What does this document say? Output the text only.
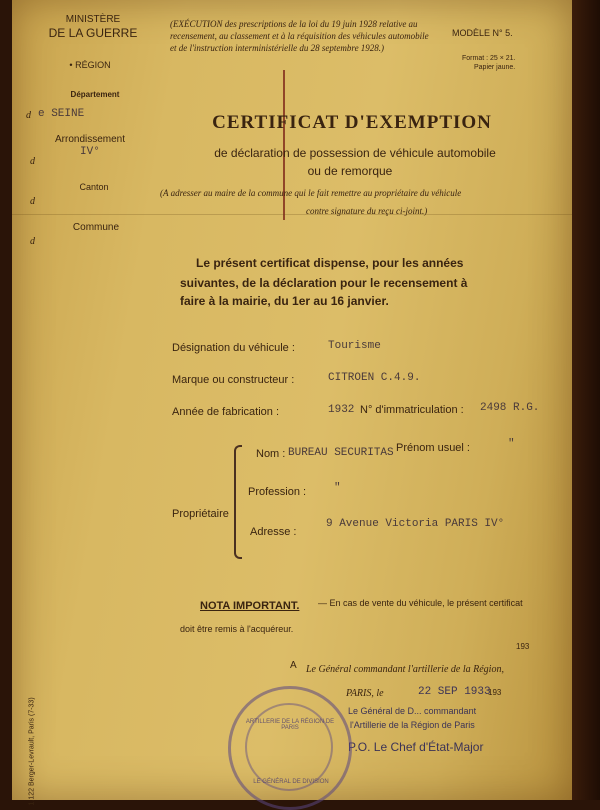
MINISTÈRE
DE LA GUERRE
• RÉGION
Département
d e SEINE
Arrondissement
d
IV°
Canton
d
Commune
d
(EXÉCUTION des prescriptions de la loi du 19 juin 1928 relative au recensement, au classement et à la réquisition des véhicules automobile et de l'instruction interministérielle du 28 septembre 1928.)
MODÈLE N° 5.
Format : 25 × 21.
Papier jaune.
CERTIFICAT D'EXEMPTION
de déclaration de possession de véhicule automobile
ou de remorque
(A adresser au maire de la commune qui le fait remettre au propriétaire du véhicule
contre signature du reçu ci-joint.)
Le présent certificat dispense, pour les années
suivantes, de la déclaration pour le recensement à
faire à la mairie, du 1er au 16 janvier.
Désignation du véhicule :	Tourisme
Marque ou constructeur :	CITROEN C.4.9.
Année de fabrication :	1932 N° d'immatriculation : 2498 R.G.
Propriétaire
Nom : BUREAU SECURITAS Prénom usuel :	"
Profession :	"
Adresse :
9 Avenue Victoria PARIS IV°
NOTA IMPORTANT. — En cas de vente du véhicule, le présent certificat
doit être remis à l'acquéreur.
193
A Le Général commandant l'artillerie de la Région,
PARIS, le	22 SEP 1933
193
Le Général de D... commandant
l'Artillerie de la Région de Paris
P.O. Le Chef d'État-Major
1.122 Berger-Levrault, Paris (7-33)	ARTILLERIE DE LA RÉGION DE PARIS
LE GÉNÉRAL DE DIVISION
